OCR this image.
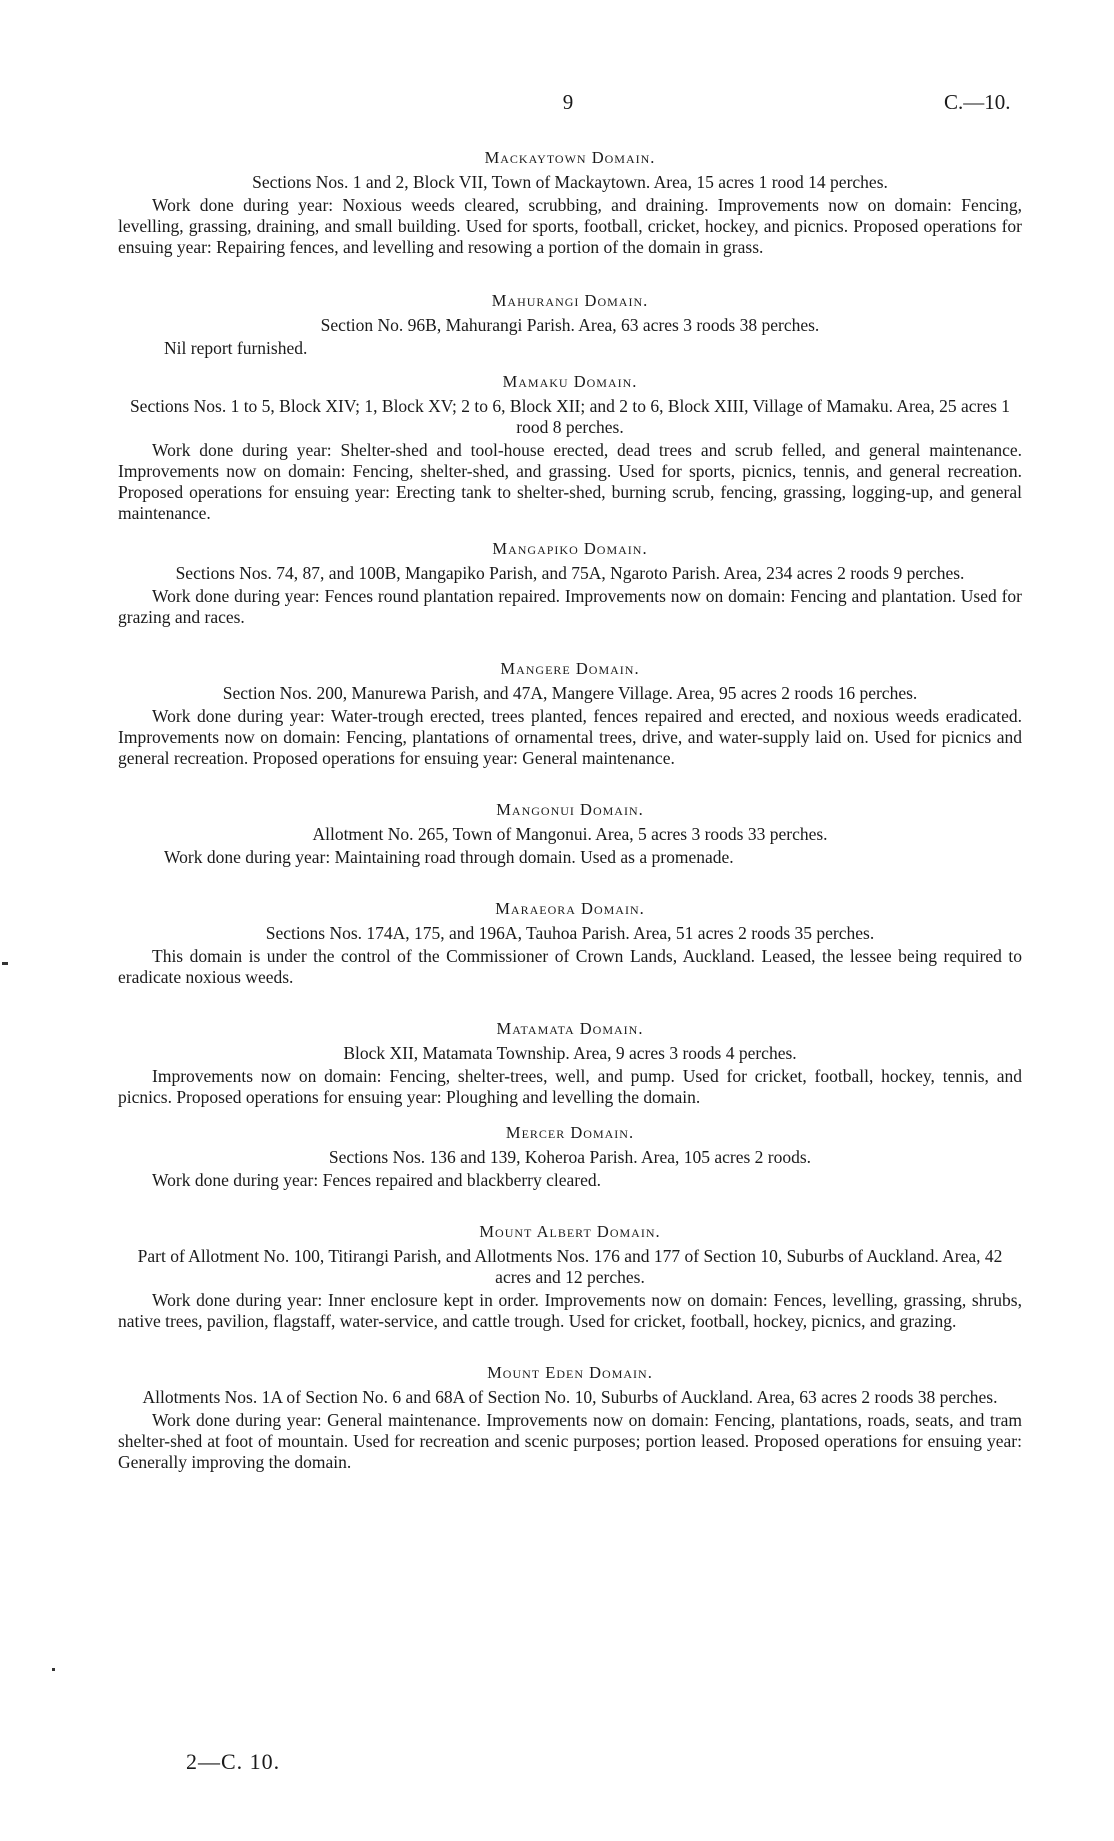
9	C.—10.

Mackaytown Domain.

Sections Nos. 1 and 2, Block VII, Town of Mackaytown. Area, 15 acres 1 rood 14 perches.

Work done during year: Noxious weeds cleared, scrubbing, and draining. Improvements now on domain: Fencing, levelling, grassing, draining, and small building. Used for sports, football, cricket, hockey, and picnics. Proposed operations for ensuing year: Repairing fences, and levelling and resowing a portion of the domain in grass.

Mahurangi Domain.

Section No. 96B, Mahurangi Parish. Area, 63 acres 3 roods 38 perches.

Nil report furnished.

Mamaku Domain.

Sections Nos. 1 to 5, Block XIV; 1, Block XV; 2 to 6, Block XII; and 2 to 6, Block XIII, Village of Mamaku. Area, 25 acres 1 rood 8 perches.

Work done during year: Shelter-shed and tool-house erected, dead trees and scrub felled, and general maintenance. Improvements now on domain: Fencing, shelter-shed, and grassing. Used for sports, picnics, tennis, and general recreation. Proposed operations for ensuing year: Erecting tank to shelter-shed, burning scrub, fencing, grassing, logging-up, and general maintenance.

Mangapiko Domain.

Sections Nos. 74, 87, and 100B, Mangapiko Parish, and 75A, Ngaroto Parish. Area, 234 acres 2 roods 9 perches.

Work done during year: Fences round plantation repaired. Improvements now on domain: Fencing and plantation. Used for grazing and races.

Mangere Domain.

Section Nos. 200, Manurewa Parish, and 47A, Mangere Village. Area, 95 acres 2 roods 16 perches.

Work done during year: Water-trough erected, trees planted, fences repaired and erected, and noxious weeds eradicated. Improvements now on domain: Fencing, plantations of ornamental trees, drive, and water-supply laid on. Used for picnics and general recreation. Proposed operations for ensuing year: General maintenance.

Mangonui Domain.

Allotment No. 265, Town of Mangonui. Area, 5 acres 3 roods 33 perches.

Work done during year: Maintaining road through domain. Used as a promenade.

Maraeora Domain.

Sections Nos. 174A, 175, and 196A, Tauhoa Parish. Area, 51 acres 2 roods 35 perches.

This domain is under the control of the Commissioner of Crown Lands, Auckland. Leased, the lessee being required to eradicate noxious weeds.

Matamata Domain.

Block XII, Matamata Township. Area, 9 acres 3 roods 4 perches.

Improvements now on domain: Fencing, shelter-trees, well, and pump. Used for cricket, football, hockey, tennis, and picnics. Proposed operations for ensuing year: Ploughing and levelling the domain.

Mercer Domain.

Sections Nos. 136 and 139, Koheroa Parish. Area, 105 acres 2 roods.

Work done during year: Fences repaired and blackberry cleared.

Mount Albert Domain.

Part of Allotment No. 100, Titirangi Parish, and Allotments Nos. 176 and 177 of Section 10, Suburbs of Auckland. Area, 42 acres and 12 perches.

Work done during year: Inner enclosure kept in order. Improvements now on domain: Fences, levelling, grassing, shrubs, native trees, pavilion, flagstaff, water-service, and cattle trough. Used for cricket, football, hockey, picnics, and grazing.

Mount Eden Domain.

Allotments Nos. 1A of Section No. 6 and 68A of Section No. 10, Suburbs of Auckland. Area, 63 acres 2 roods 38 perches.

Work done during year: General maintenance. Improvements now on domain: Fencing, plantations, roads, seats, and tram shelter-shed at foot of mountain. Used for recreation and scenic purposes; portion leased. Proposed operations for ensuing year: Generally improving the domain.

2—C. 10.
